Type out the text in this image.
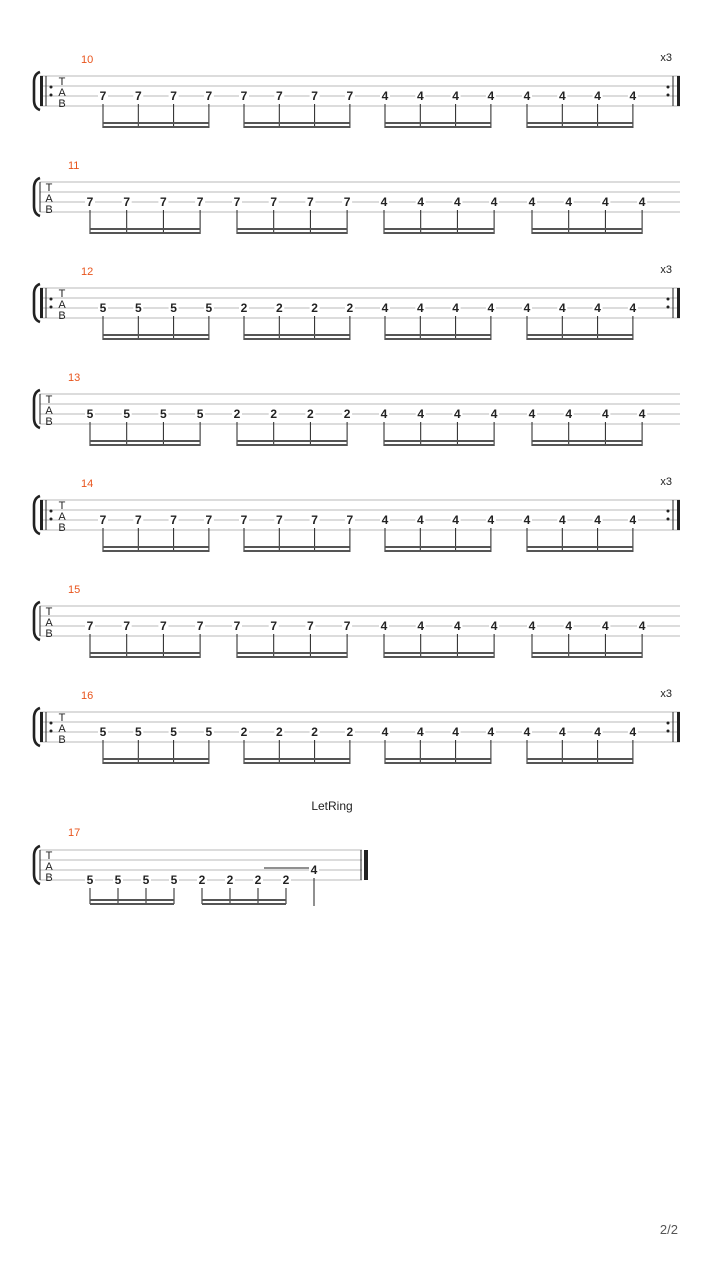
x3
T
A
B
10
7 7 7 7 7 7 7 7 4 4 4 4 4 4 4 4
T
A
B
11
7	7	7	7	7	7	7	7	4	4	4	4	4	4	4	4
x3
T
A
B
12
5 5 5 5 2 2 2 2 4 4 4 4 4 4 4 4
T
A
B
13
5	5	5	5	2	2	2	2	4	4	4	4	4	4	4	4
x3
T
A
B
14
7 7 7 7 7 7 7 7 4 4 4 4 4 4 4 4
T
A
B
15
7	7	7	7	7	7	7	7	4	4	4	4	4	4	4	4
x3
T
A
B
16
5 5 5 5 2 2 2 2 4 4 4 4 4 4 4 4
T
A
B
17
LetRing
5 5 5 5 2 2 2 2
4
2/2
